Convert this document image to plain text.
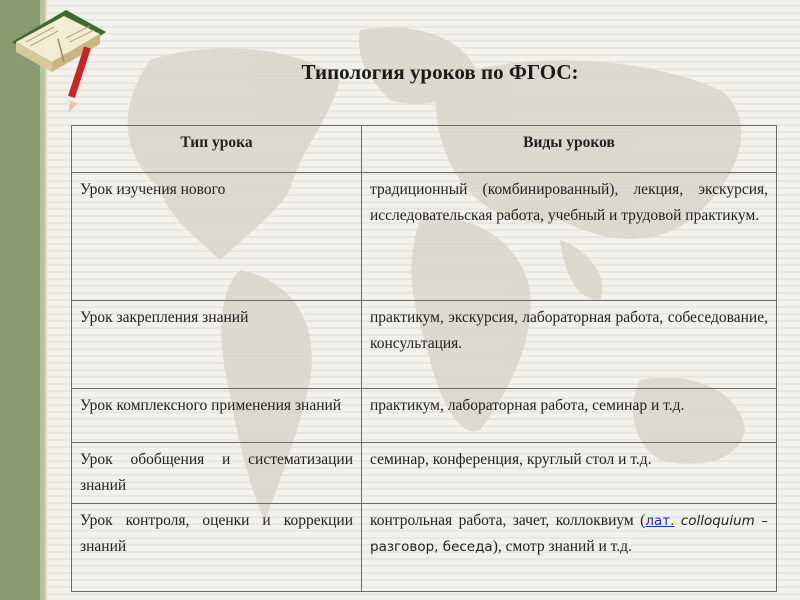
Типология уроков по ФГОС:
Тип урока	Виды уроков
Урок изучения нового	традиционный (комбинированный), лекция, экскурсия, исследовательская работа, учебный и трудовой практикум.
Урок закрепления знаний	практикум, экскурсия, лабораторная работа, собеседование, консультация.
Урок комплексного применения знаний	практикум, лабораторная работа, семинар и т.д.
Урок обобщения и систематизации знаний	семинар, конференция, круглый стол и т.д.
Урок контроля, оценки и коррекции знаний	контрольная работа, зачет, коллоквиум (лат. colloquium – разговор, беседа), смотр знаний и т.д.
